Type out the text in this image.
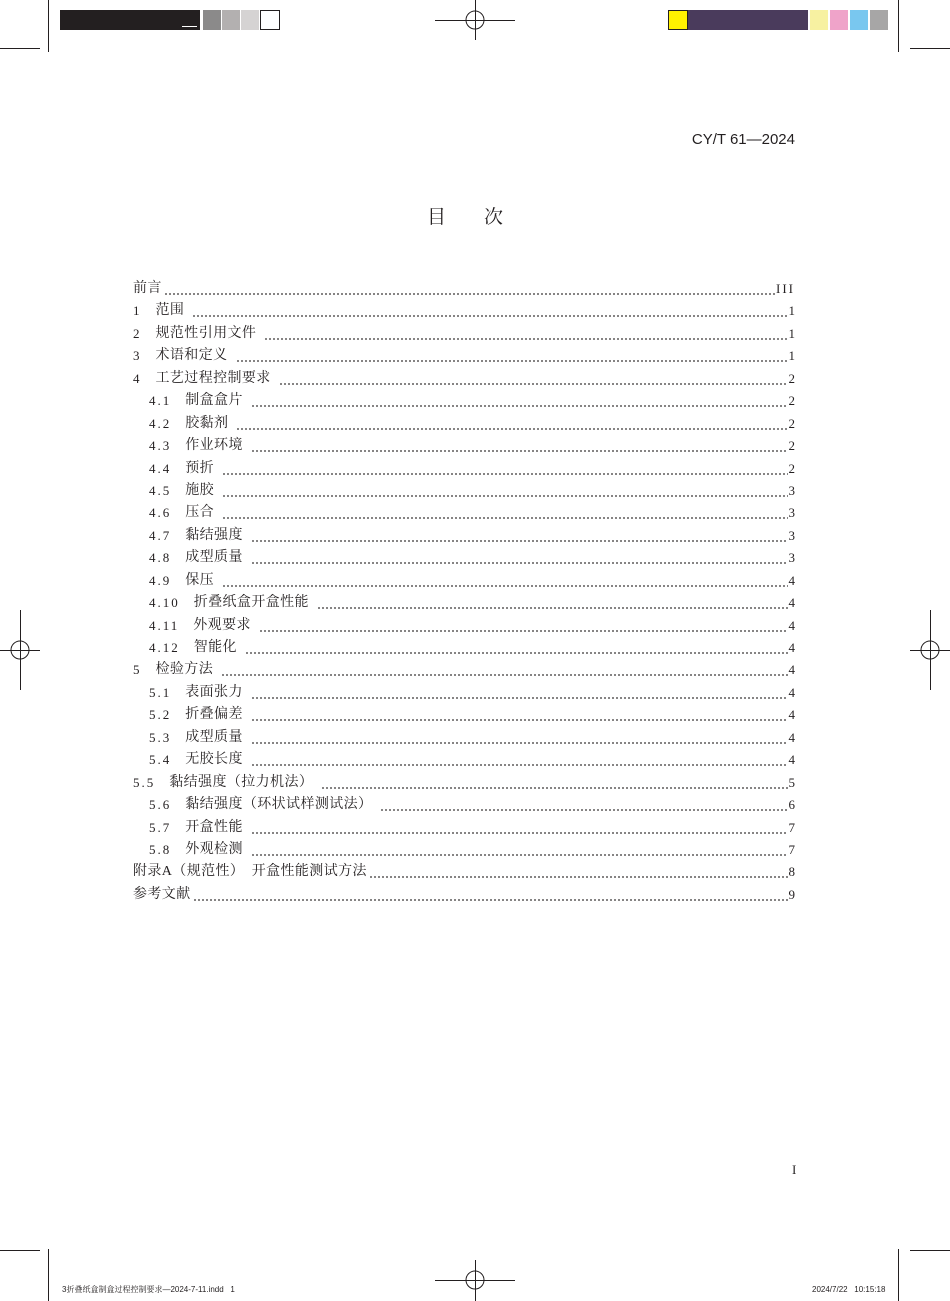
CY/T 61—2024
目　　次
前言	III
1 范围	1
2 规范性引用文件	1
3 术语和定义	1
4 工艺过程控制要求	2
4.1 制盒盒片	2
4.2 胶黏剂	2
4.3 作业环境	2
4.4 预折	2
4.5 施胶	3
4.6 压合	3
4.7 黏结强度	3
4.8 成型质量	3
4.9 保压	4
4.10 折叠纸盒开盒性能	4
4.11 外观要求	4
4.12 智能化	4
5 检验方法	4
5.1 表面张力	4
5.2 折叠偏差	4
5.3 成型质量	4
5.4 无胶长度	4
5.5 黏结强度（拉力机法）	5
5.6 黏结强度（环状试样测试法）	6
5.7 开盒性能	7
5.8 外观检测	7
附录A（规范性）　开盒性能测试方法	8
参考文献	9
I
3折叠纸盒制盒过程控制要求—2024-7-11.indd   1	2024/7/22   10:15:18
